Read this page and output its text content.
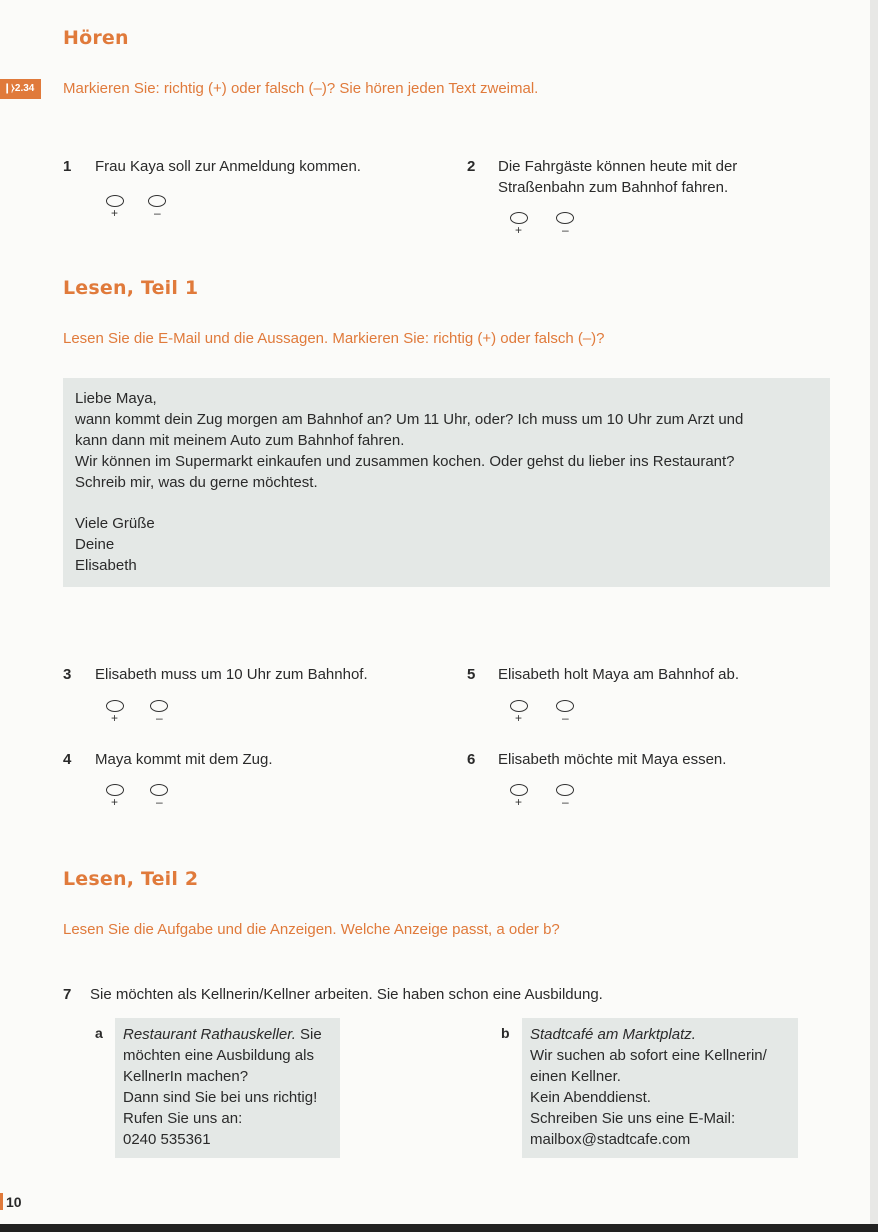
Hören
❙⧽2.34	Markieren Sie: richtig (+) oder falsch (–)? Sie hören jeden Text zweimal.
1 Frau Kaya soll zur Anmeldung kommen.
+	–
2 Die Fahrgäste können heute mit der
Straßenbahn zum Bahnhof fahren.
+	–
Lesen, Teil 1
Lesen Sie die E-Mail und die Aussagen. Markieren Sie: richtig (+) oder falsch (–)?
Liebe Maya,
wann kommt dein Zug morgen am Bahnhof an? Um 11 Uhr, oder? Ich muss um 10 Uhr zum Arzt und
kann dann mit meinem Auto zum Bahnhof fahren.
Wir können im Supermarkt einkaufen und zusammen kochen. Oder gehst du lieber ins Restaurant?
Schreib mir, was du gerne möchtest.
Viele Grüße
Deine
Elisabeth
3 Elisabeth muss um 10 Uhr zum Bahnhof.
+	–
5 Elisabeth holt Maya am Bahnhof ab.
+	–
4 Maya kommt mit dem Zug.
+	–
6 Elisabeth möchte mit Maya essen.
+	–
Lesen, Teil 2
Lesen Sie die Aufgabe und die Anzeigen. Welche Anzeige passt, a oder b?
7 Sie möchten als Kellnerin/Kellner arbeiten. Sie haben schon eine Ausbildung.
a Restaurant Rathauskeller. Sie
möchten eine Ausbildung als
KellnerIn machen?
Dann sind Sie bei uns richtig!
Rufen Sie uns an:
0240 535361
b Stadtcafé am Marktplatz.
Wir suchen ab sofort eine Kellnerin/
einen Kellner.
Kein Abenddienst.
Schreiben Sie uns eine E-Mail:
mailbox@stadtcafe.com
10
